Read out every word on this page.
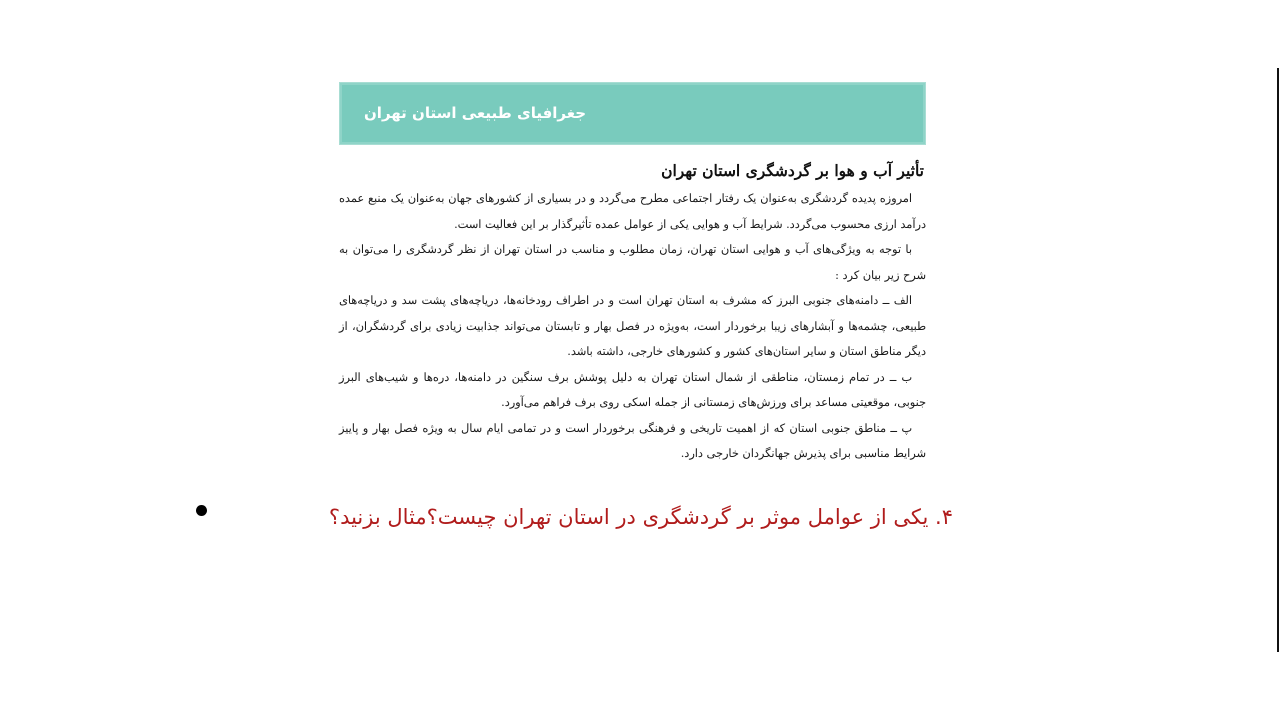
جغرافیای طبیعی استان تهران
تأثیر آب و هوا بر گردشگری استان تهران

امروزه پدیده گردشگری به‌عنوان یک رفتار اجتماعی مطرح می‌گردد و در بسیاری از کشورهای جهان به‌عنوان یک منبع عمده درآمد ارزی محسوب می‌گردد. شرایط آب و هوایی یکی از عوامل عمده تأثیرگذار بر این فعالیت است.

با توجه به ویژگی‌های آب و هوایی استان تهران، زمان مطلوب و مناسب در استان تهران از نظر گردشگری را می‌توان به شرح زیر بیان کرد :

الف ــ دامنه‌های جنوبی البرز که مشرف به استان تهران است و در اطراف رودخانه‌ها، دریاچه‌های پشت سد و دریاچه‌های طبیعی، چشمه‌ها و آبشارهای زیبا برخوردار است، به‌ویژه در فصل بهار و تابستان می‌تواند جذابیت زیادی برای گردشگران، از دیگر مناطق استان و سایر استان‌های کشور و کشورهای خارجی، داشته باشد.

ب ــ در تمام زمستان، مناطقی از شمال استان تهران به دلیل پوشش برف سنگین در دامنه‌ها، دره‌ها و شیب‌های البرز جنوبی، موقعیتی مساعد برای ورزش‌های زمستانی از جمله اسکی روی برف فراهم می‌آورد.

پ ــ مناطق جنوبی استان که از اهمیت تاریخی و فرهنگی برخوردار است و در تمامی ایام سال به ویژه فصل بهار و پاییز شرایط مناسبی برای پذیرش جهانگردان خارجی دارد.

۴. یکی از عوامل موثر بر گردشگری در استان تهران چیست؟مثال بزنید؟
